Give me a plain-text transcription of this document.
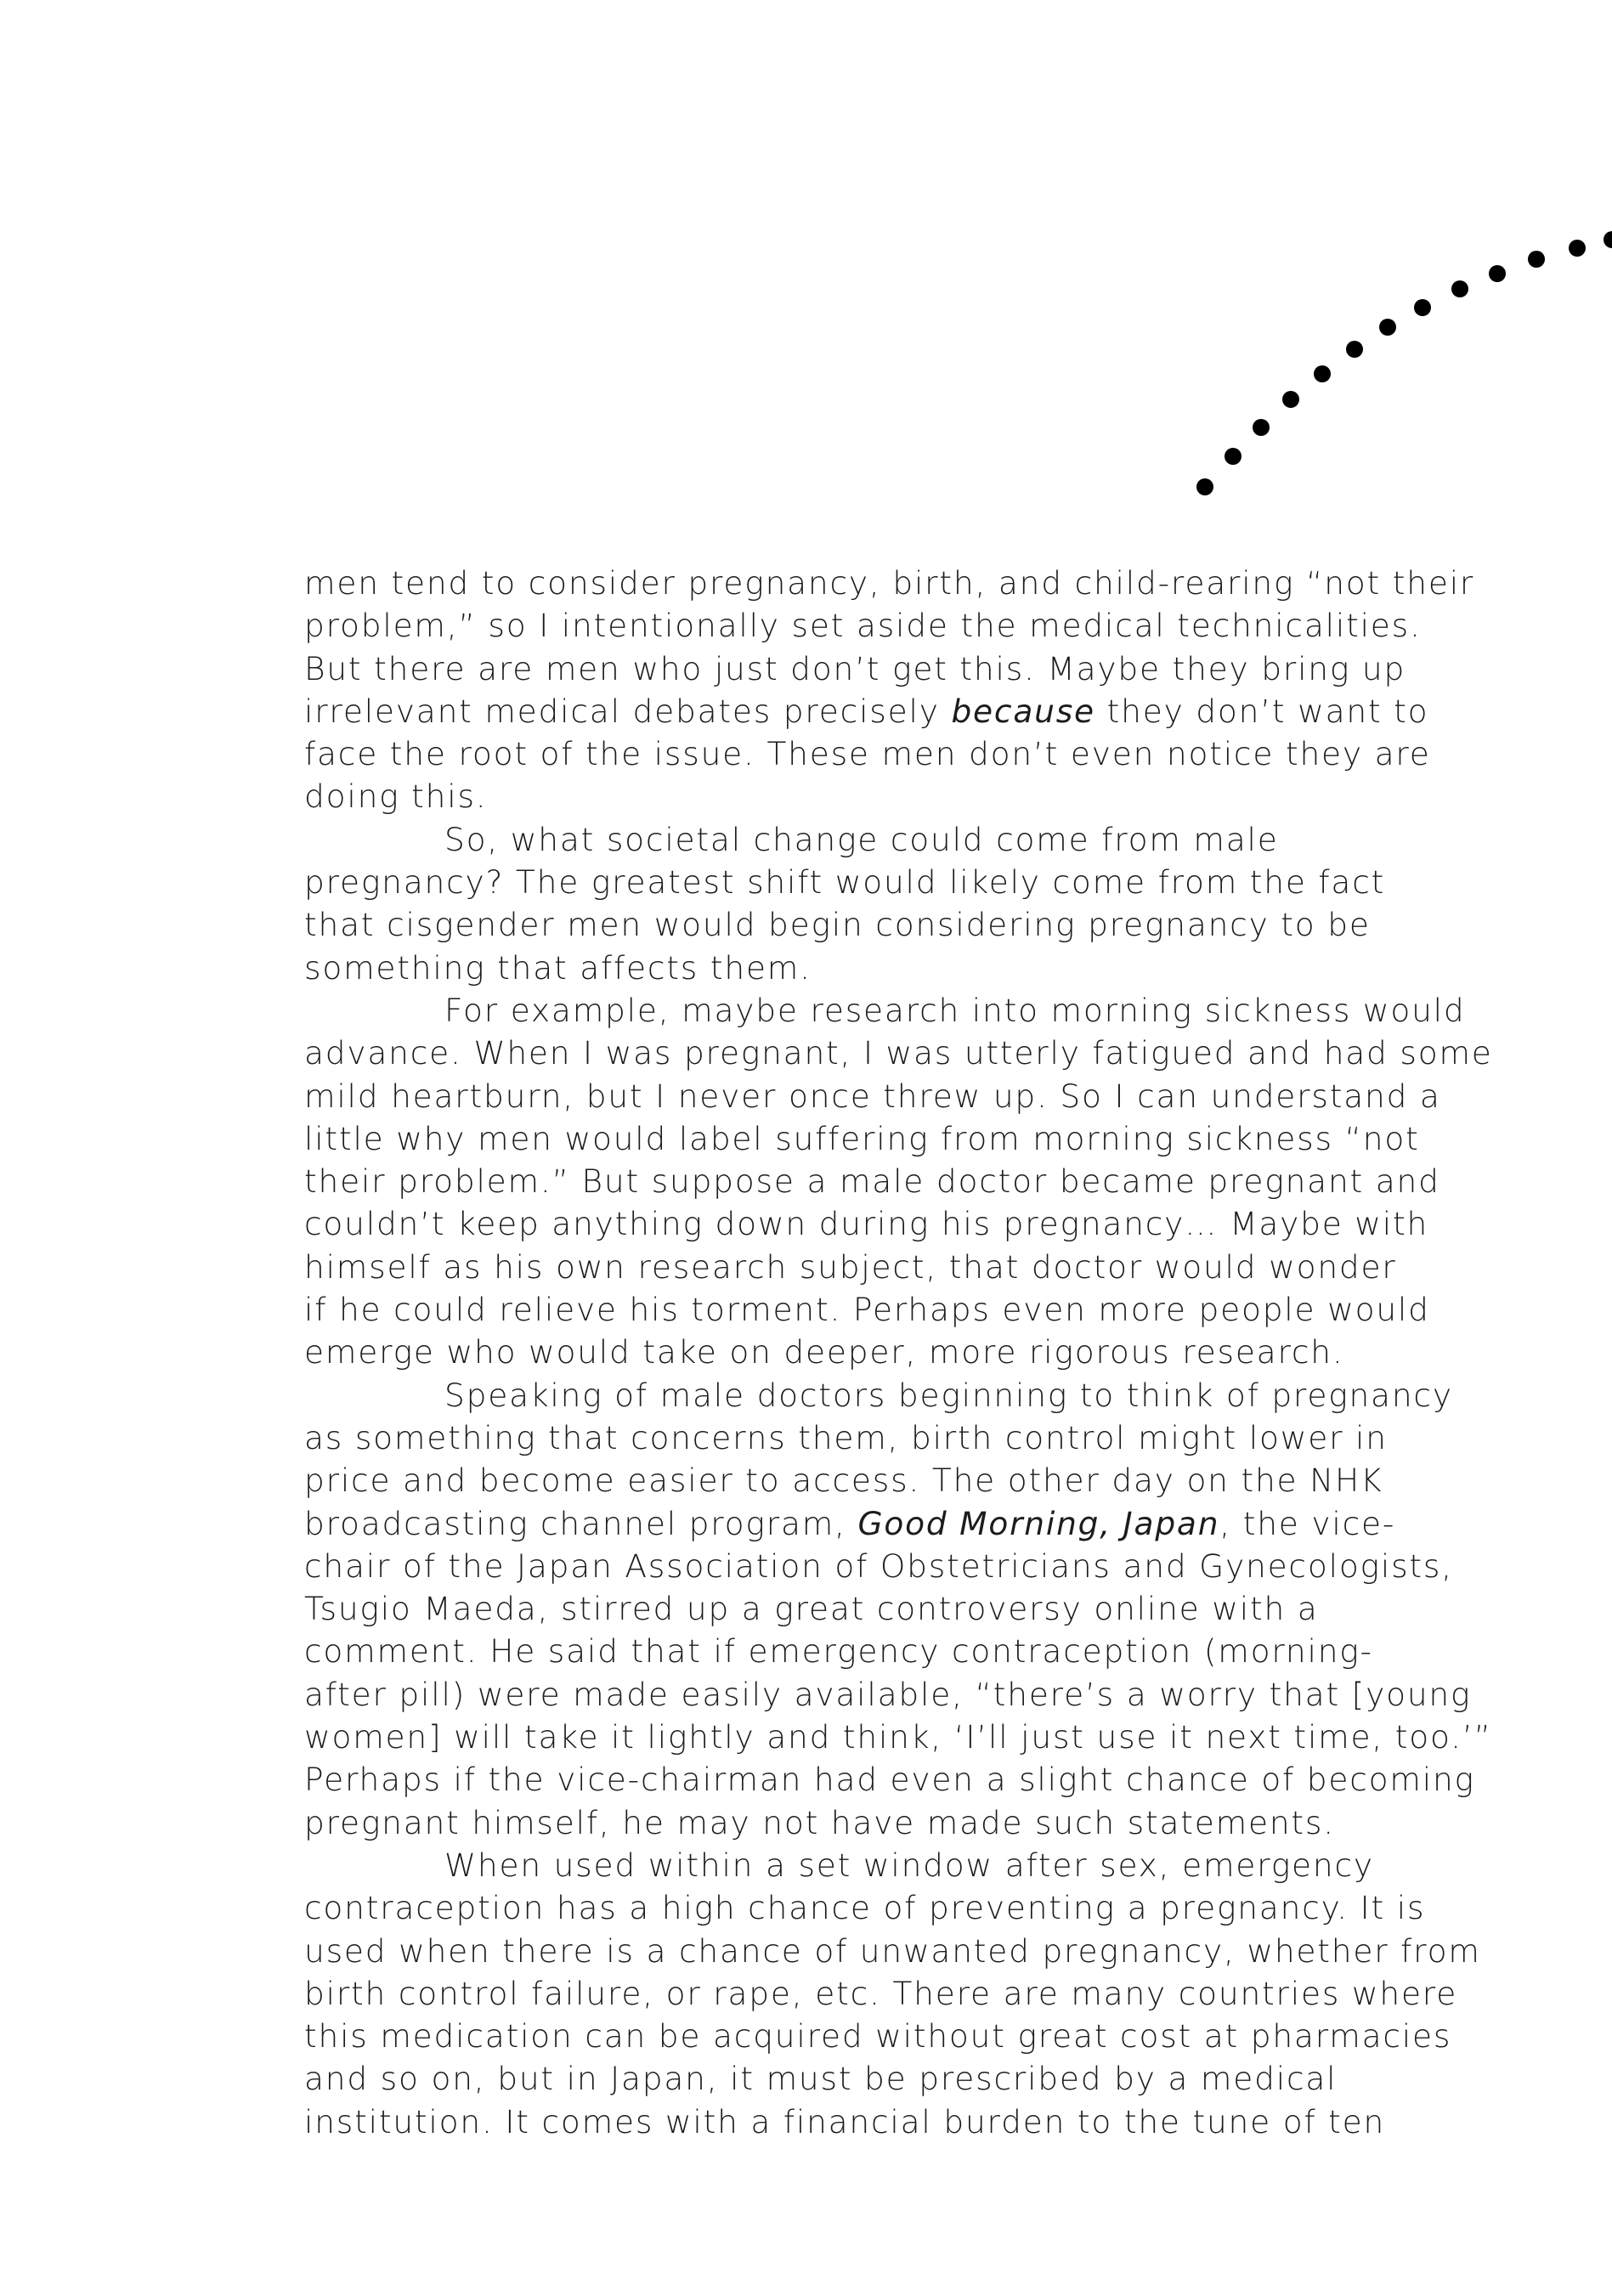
men tend to consider pregnancy, birth, and child-rearing “not their
problem,” so I intentionally set aside the medical technicalities.
But there are men who just don’t get this. Maybe they bring up
irrelevant medical debates precisely because they don’t want to
face the root of the issue. These men don’t even notice they are
doing this.
So, what societal change could come from male
pregnancy? The greatest shift would likely come from the fact
that cisgender men would begin considering pregnancy to be
something that affects them.
For example, maybe research into morning sickness would
advance. When I was pregnant, I was utterly fatigued and had some
mild heartburn, but I never once threw up. So I can understand a
little why men would label suffering from morning sickness “not
their problem.” But suppose a male doctor became pregnant and
couldn’t keep anything down during his pregnancy… Maybe with
himself as his own research subject, that doctor would wonder
if he could relieve his torment. Perhaps even more people would
emerge who would take on deeper, more rigorous research.
Speaking of male doctors beginning to think of pregnancy
as something that concerns them, birth control might lower in
price and become easier to access. The other day on the NHK
broadcasting channel program, Good Morning, Japan, the vice-
chair of the Japan Association of Obstetricians and Gynecologists,
Tsugio Maeda, stirred up a great controversy online with a
comment. He said that if emergency contraception (morning-
after pill) were made easily available, “there’s a worry that [young
women] will take it lightly and think, ‘I’ll just use it next time, too.’”
Perhaps if the vice-chairman had even a slight chance of becoming
pregnant himself, he may not have made such statements.
When used within a set window after sex, emergency
contraception has a high chance of preventing a pregnancy. It is
used when there is a chance of unwanted pregnancy, whether from
birth control failure, or rape, etc. There are many countries where
this medication can be acquired without great cost at pharmacies
and so on, but in Japan, it must be prescribed by a medical
institution. It comes with a financial burden to the tune of ten
